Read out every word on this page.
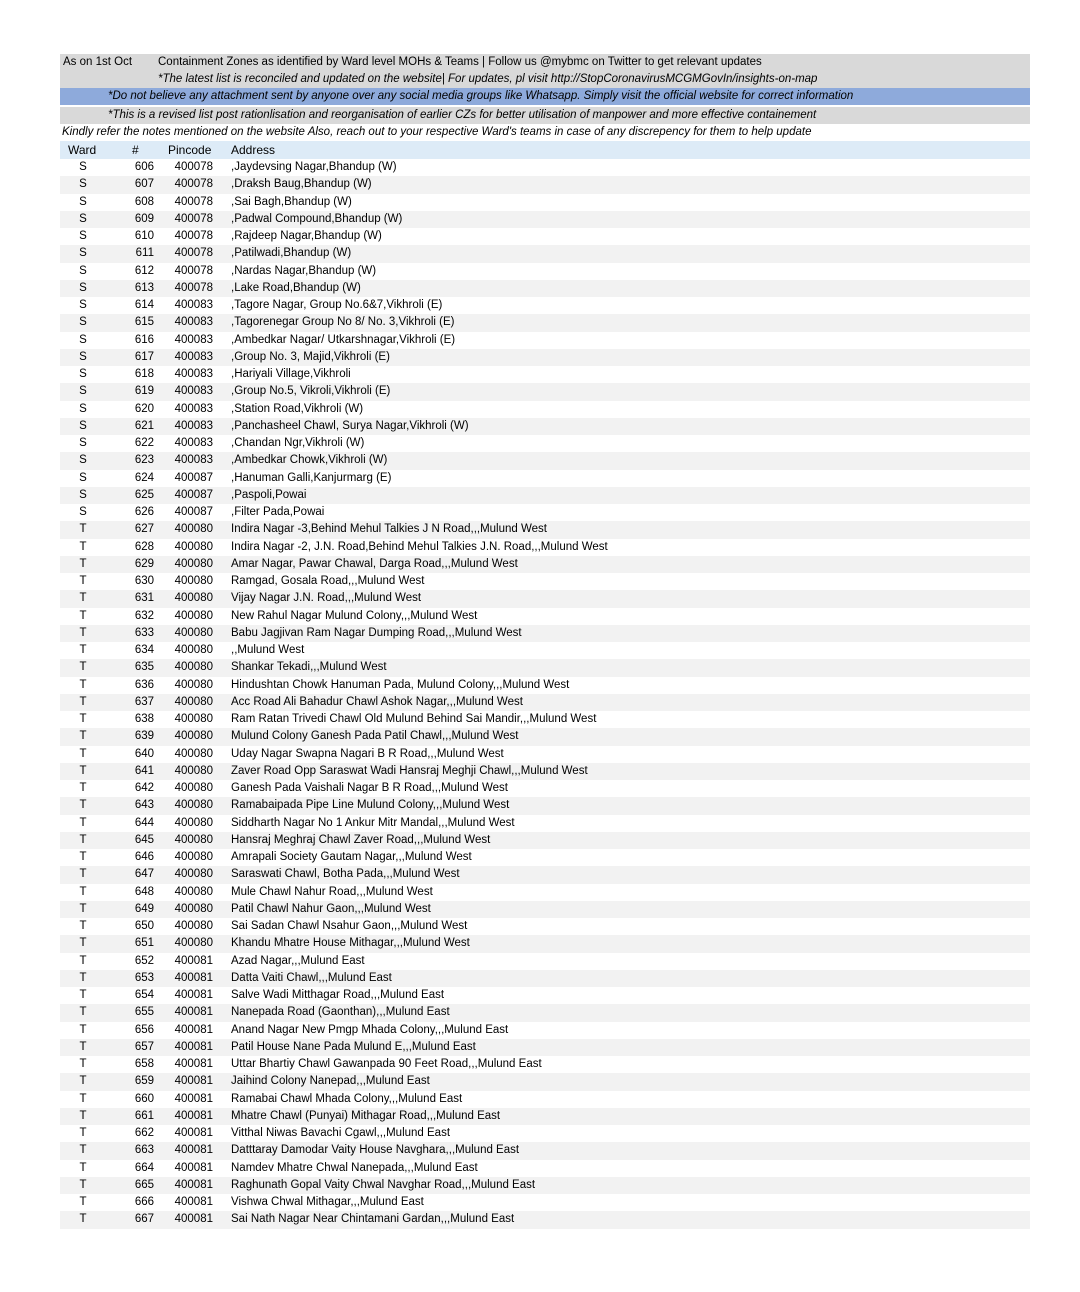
As on 1st Oct Containment Zones as identified by Ward level MOHs & Teams | Follow us @mybmc on Twitter to get relevant updates
*The latest list is reconciled and updated on the website| For updates, pl visit http://StopCoronavirusMCGMGovIn/insights-on-map
*Do not believe any attachment sent by anyone over any social media groups like Whatsapp. Simply visit the official website for correct information
*This is a revised list post rationlisation and reorganisation of earlier CZs for better utilisation of manpower and more effective containement
Kindly refer the notes mentioned on the website Also, reach out to your respective Ward's teams in case of any discrepency for them to help update
Ward	# Pincode Address
S	606	400078 ,Jaydevsing Nagar,Bhandup (W)
S	607	400078 ,Draksh Baug,Bhandup (W)
S	608	400078 ,Sai Bagh,Bhandup (W)
S	609	400078 ,Padwal Compound,Bhandup (W)
S	610	400078 ,Rajdeep Nagar,Bhandup (W)
S	611	400078 ,Patilwadi,Bhandup (W)
S	612	400078 ,Nardas Nagar,Bhandup (W)
S	613	400078 ,Lake Road,Bhandup (W)
S	614	400083 ,Tagore Nagar, Group No.6&7,Vikhroli (E)
S	615	400083 ,Tagorenegar Group No 8/ No. 3,Vikhroli (E)
S	616	400083 ,Ambedkar Nagar/ Utkarshnagar,Vikhroli (E)
S	617	400083 ,Group No. 3, Majid,Vikhroli (E)
S	618	400083 ,Hariyali Village,Vikhroli
S	619	400083 ,Group No.5, Vikroli,Vikhroli (E)
S	620	400083 ,Station Road,Vikhroli (W)
S	621	400083 ,Panchasheel Chawl, Surya Nagar,Vikhroli (W)
S	622	400083 ,Chandan Ngr,Vikhroli (W)
S	623	400083 ,Ambedkar Chowk,Vikhroli (W)
S	624	400087 ,Hanuman Galli,Kanjurmarg (E)
S	625	400087 ,Paspoli,Powai
S	626	400087 ,Filter Pada,Powai
T	627	400080 Indira Nagar -3,Behind Mehul Talkies J N Road,,,Mulund West
T	628	400080 Indira Nagar -2, J.N. Road,Behind Mehul Talkies J.N. Road,,,Mulund West
T	629	400080 Amar Nagar, Pawar Chawal, Darga Road,,,Mulund West
T	630	400080 Ramgad, Gosala Road,,,Mulund West
T	631	400080 Vijay Nagar J.N. Road,,,Mulund West
T	632	400080 New Rahul Nagar Mulund Colony,,,Mulund West
T	633	400080 Babu Jagjivan Ram Nagar Dumping Road,,,Mulund West
T	634	400080 ,,Mulund West
T	635	400080 Shankar Tekadi,,,Mulund West
T	636	400080 Hindushtan Chowk Hanuman Pada, Mulund Colony,,,Mulund West
T	637	400080 Acc Road Ali Bahadur Chawl Ashok Nagar,,,Mulund West
T	638	400080 Ram Ratan Trivedi Chawl Old Mulund Behind Sai Mandir,,,Mulund West
T	639	400080 Mulund Colony Ganesh Pada Patil Chawl,,,Mulund West
T	640	400080 Uday Nagar Swapna Nagari B R Road,,,Mulund West
T	641	400080 Zaver Road Opp Saraswat Wadi Hansraj Meghji Chawl,,,Mulund West
T	642	400080 Ganesh Pada Vaishali Nagar B R Road,,,Mulund West
T	643	400080 Ramabaipada Pipe Line Mulund Colony,,,Mulund West
T	644	400080 Siddharth Nagar No 1 Ankur Mitr Mandal,,,Mulund West
T	645	400080 Hansraj Meghraj Chawl Zaver Road,,,Mulund West
T	646	400080 Amrapali Society Gautam Nagar,,,Mulund West
T	647	400080 Saraswati Chawl, Botha Pada,,,Mulund West
T	648	400080 Mule Chawl Nahur Road,,,Mulund West
T	649	400080 Patil Chawl Nahur Gaon,,,Mulund West
T	650	400080 Sai Sadan Chawl Nsahur Gaon,,,Mulund West
T	651	400080 Khandu Mhatre House Mithagar,,,Mulund West
T	652	400081 Azad Nagar,,,Mulund East
T	653	400081 Datta Vaiti Chawl,,,Mulund East
T	654	400081 Salve Wadi Mitthagar Road,,,Mulund East
T	655	400081 Nanepada Road (Gaonthan),,,Mulund East
T	656	400081 Anand Nagar New Pmgp Mhada Colony,,,Mulund East
T	657	400081 Patil House Nane Pada Mulund E,,,Mulund East
T	658	400081 Uttar Bhartiy Chawl Gawanpada 90 Feet Road,,,Mulund East
T	659	400081 Jaihind Colony Nanepad,,,Mulund East
T	660	400081 Ramabai Chawl Mhada Colony,,,Mulund East
T	661	400081 Mhatre Chawl (Punyai) Mithagar Road,,,Mulund East
T	662	400081 Vitthal Niwas Bavachi Cgawl,,,Mulund East
T	663	400081 Datttaray Damodar Vaity House Navghara,,,Mulund East
T	664	400081 Namdev Mhatre Chwal Nanepada,,,Mulund East
T	665	400081 Raghunath Gopal Vaity Chwal Navghar Road,,,Mulund East
T	666	400081 Vishwa Chwal Mithagar,,,Mulund East
T	667	400081 Sai Nath Nagar Near Chintamani Gardan,,,Mulund East
